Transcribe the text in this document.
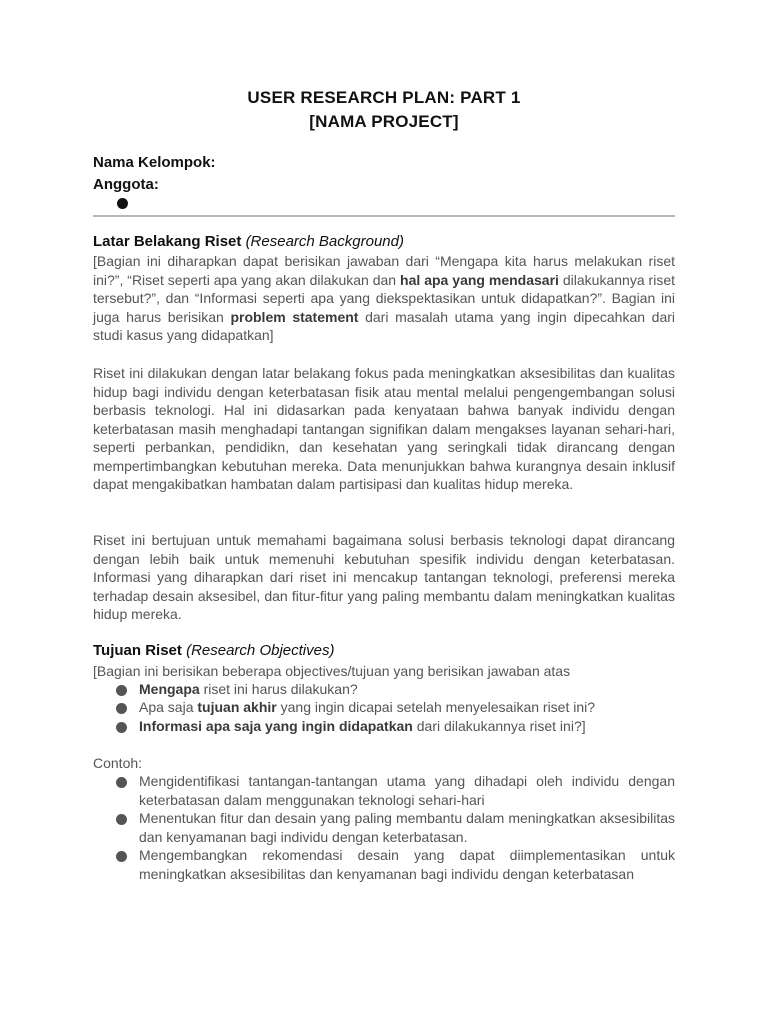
USER RESEARCH PLAN: PART 1
[NAMA PROJECT]
Nama Kelompok:
Anggota:
Latar Belakang Riset (Research Background)
[Bagian ini diharapkan dapat berisikan jawaban dari “Mengapa kita harus melakukan riset ini?”, “Riset seperti apa yang akan dilakukan dan hal apa yang mendasari dilakukannya riset tersebut?”, dan “Informasi seperti apa yang diekspektasikan untuk didapatkan?”. Bagian ini juga harus berisikan problem statement dari masalah utama yang ingin dipecahkan dari studi kasus yang didapatkan]
Riset ini dilakukan dengan latar belakang fokus pada meningkatkan aksesibilitas dan kualitas hidup bagi individu dengan keterbatasan fisik atau mental melalui pengengembangan solusi berbasis teknologi. Hal ini didasarkan pada kenyataan bahwa banyak individu dengan keterbatasan masih menghadapi tantangan signifikan dalam mengakses layanan sehari-hari, seperti perbankan, pendidikn, dan kesehatan yang seringkali tidak dirancang dengan mempertimbangkan kebutuhan mereka. Data menunjukkan bahwa kurangnya desain inklusif dapat mengakibatkan hambatan dalam partisipasi dan kualitas hidup mereka.
Riset ini bertujuan untuk memahami bagaimana solusi berbasis teknologi dapat dirancang dengan lebih baik untuk memenuhi kebutuhan spesifik individu dengan keterbatasan. Informasi yang diharapkan dari riset ini mencakup tantangan teknologi, preferensi mereka terhadap desain aksesibel, dan fitur-fitur yang paling membantu dalam meningkatkan kualitas hidup mereka.
Tujuan Riset (Research Objectives)
[Bagian ini berisikan beberapa objectives/tujuan yang berisikan jawaban atas
Mengapa riset ini harus dilakukan?
Apa saja tujuan akhir yang ingin dicapai setelah menyelesaikan riset ini?
Informasi apa saja yang ingin didapatkan dari dilakukannya riset ini?]
Contoh:
Mengidentifikasi tantangan-tantangan utama yang dihadapi oleh individu dengan keterbatasan dalam menggunakan teknologi sehari-hari
Menentukan fitur dan desain yang paling membantu dalam meningkatkan aksesibilitas dan kenyamanan bagi individu dengan keterbatasan.
Mengembangkan rekomendasi desain yang dapat diimplementasikan untuk meningkatkan aksesibilitas dan kenyamanan bagi individu dengan keterbatasan
